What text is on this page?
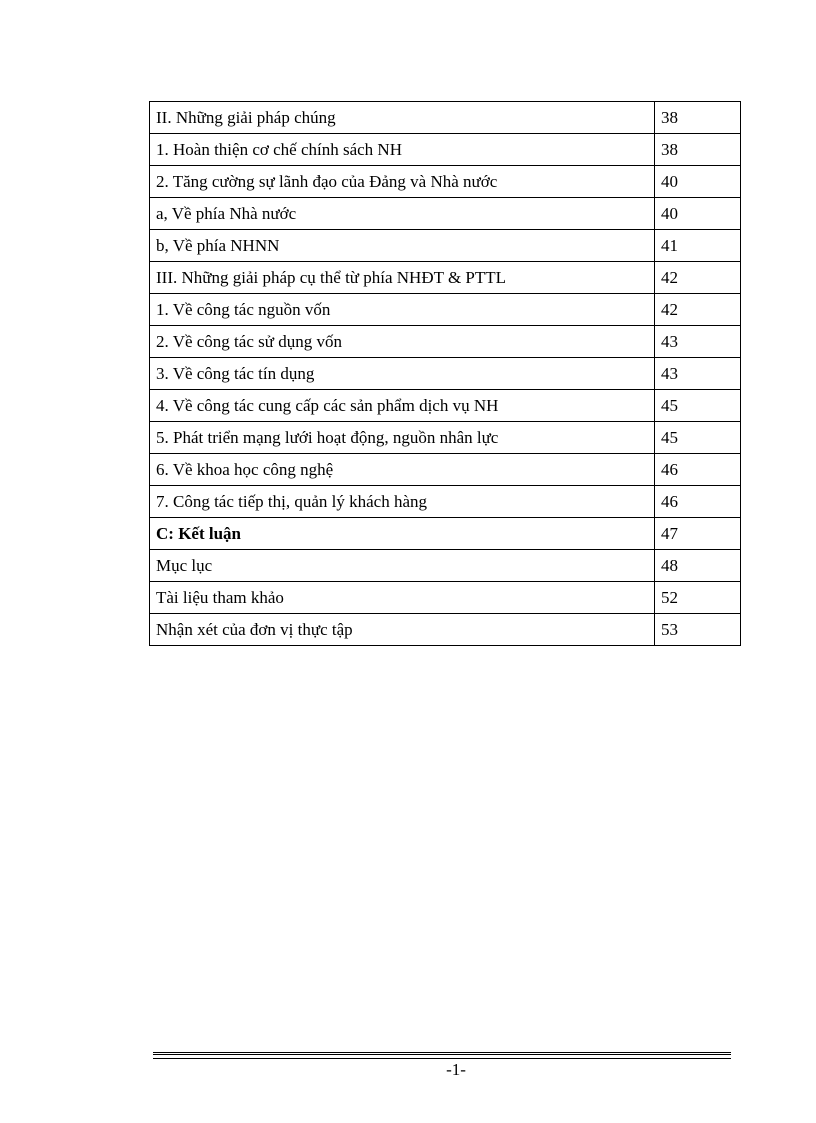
II. Những giải pháp chúng	38
1. Hoàn thiện cơ chế chính sách NH	38
2. Tăng cường sự lãnh đạo của Đảng và Nhà nước	40
a, Về phía Nhà nước	40
b, Về phía NHNN	41
III. Những giải pháp cụ thể từ phía NHĐT & PTTL	42
1. Về công tác nguồn vốn	42
2. Về công tác sử dụng vốn	43
3. Về công tác tín dụng	43
4. Về công tác cung cấp các sản phẩm dịch vụ NH	45
5. Phát triển mạng lưới hoạt động, nguồn nhân lực	45
6. Về khoa học công nghệ	46
7. Công tác tiếp thị, quản lý khách hàng	46
C: Kết luận	47
Mục lục	48
Tài liệu tham khảo	52
Nhận xét của đơn vị thực tập	53
-1-
